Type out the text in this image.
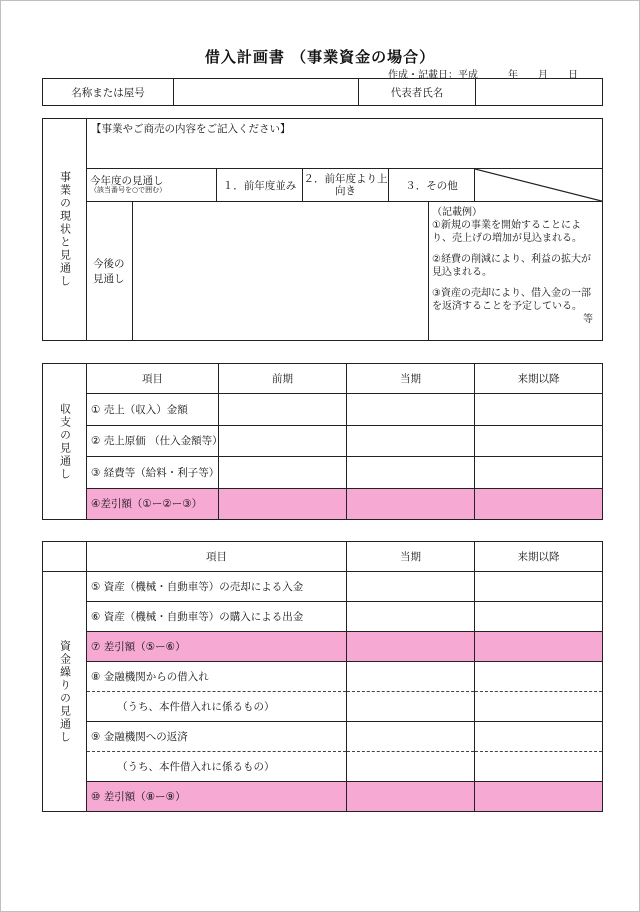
借入計画書 （事業資金の場合）
作成・記載日：平成　　　年　　月　　日
名称または屋号		代表者氏名	
事業の現状と見通し	【事業やご商売の内容をご記入ください】						

	今年度の見通し
（該当番号を○で囲む）		１．前年度並み	２．前年度より上向き	３．その他	

	今後の見通し					（記載例）
①新規の事業を開始することにより、売上げの増加が見込まれる。
②経費の削減により、利益の拡大が見込まれる。
③資産の売却により、借入金の一部を返済することを予定している。
等	
収支の見通し	項目	前期	当期	来期以降
	① 売上（収入）金額			
	② 売上原価 （仕入金額等）			
	③ 経費等（給料・利子等）			
	④差引額（①ー②ー③）			
	項目	当期	来期以降
資金繰りの見通し	⑤ 資産（機械・自動車等）の売却による入金		
	⑥ 資産（機械・自動車等）の購入による出金		
	⑦ 差引額（⑤ー⑥）		
	⑧ 金融機関からの借入れ		
	（うち、本件借入れに係るもの）		
	⑨ 金融機関への返済		
	（うち、本件借入れに係るもの）		
	⑩ 差引額（⑧ー⑨）		
